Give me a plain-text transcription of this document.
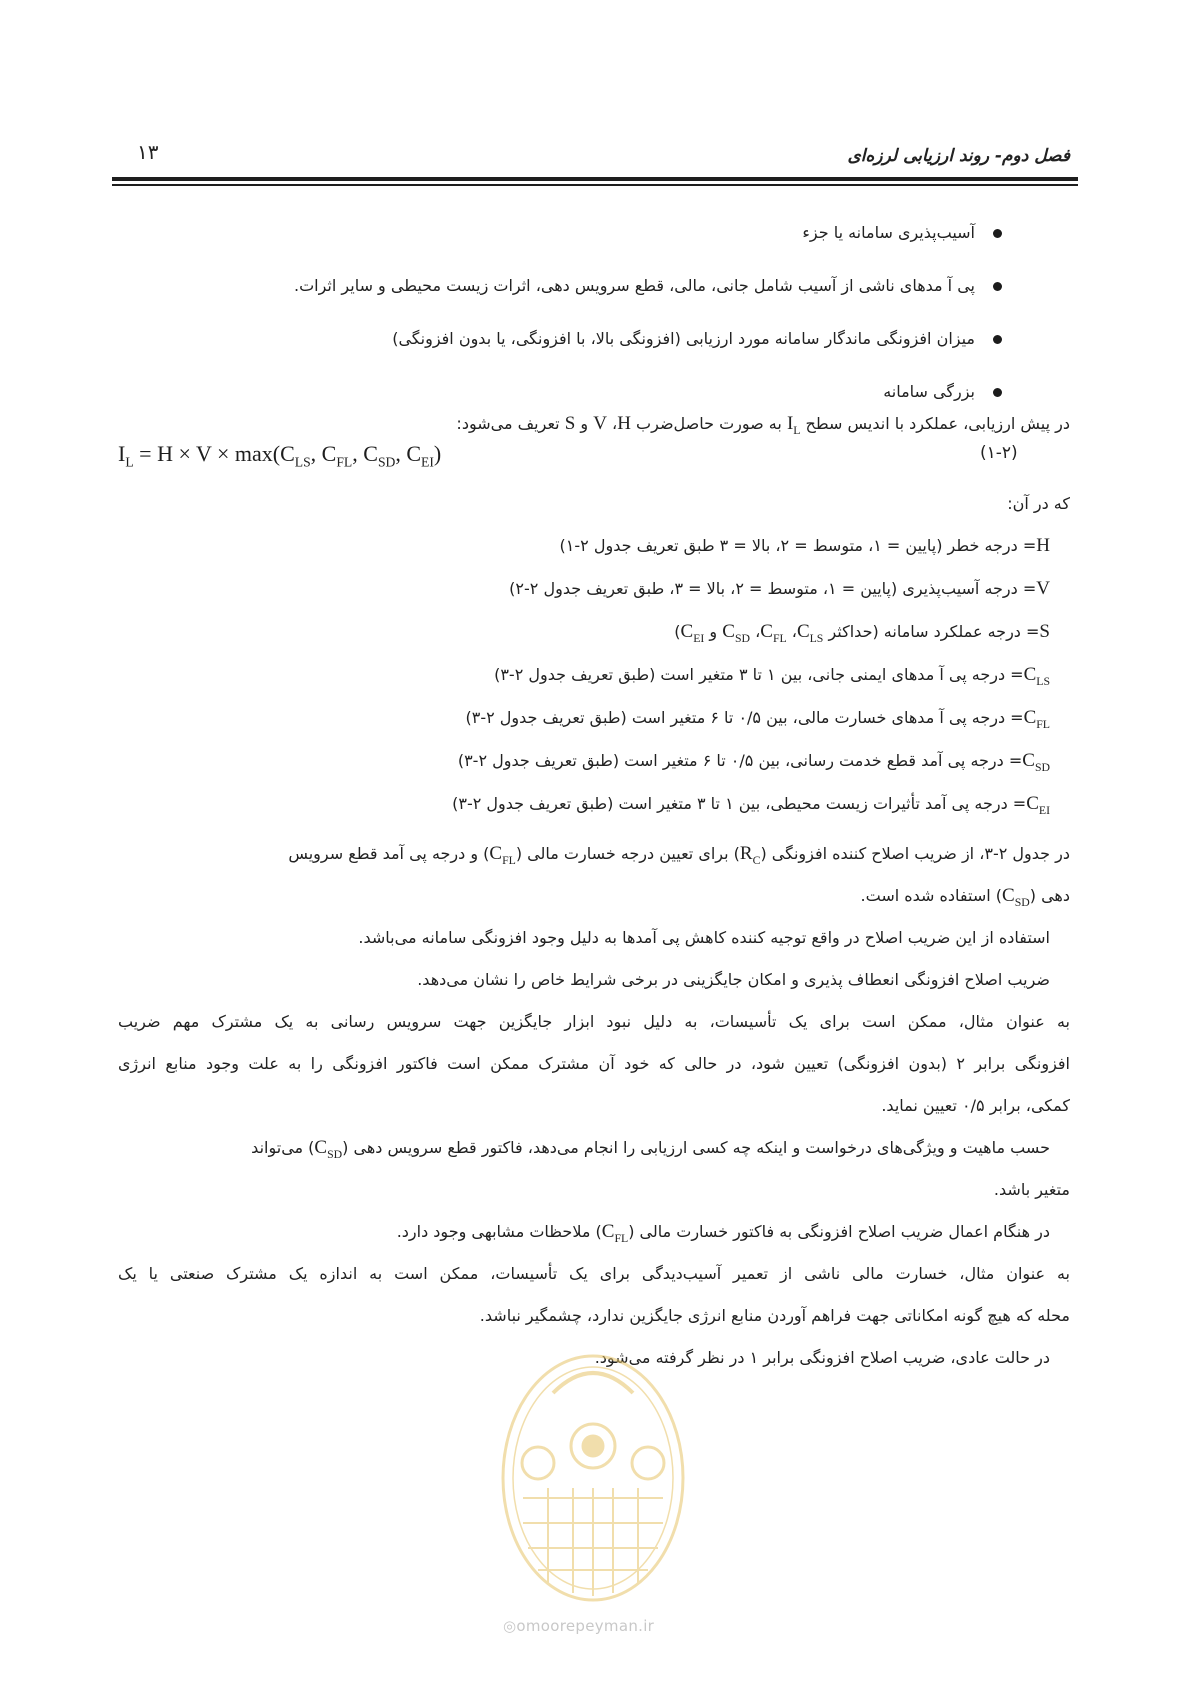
فصل دوم- روند ارزیابی لرزه‌ای
۱۳
آسیب‌پذیری سامانه یا جزء
پی آ مدهای ناشی از آسیب شامل جانی، مالی، قطع سرویس دهی، اثرات زیست محیطی و سایر اثرات.
میزان افزونگی ماندگار سامانه مورد ارزیابی (افزونگی بالا، با افزونگی، یا بدون افزونگی)
بزرگی سامانه
در پیش ارزیابی، عملکرد با اندیس سطح $I_L$ به صورت حاصل‌ضرب H، V و S تعریف می‌شود:
$I_L = H \times V \times \max(C_{LS}$, $C_{FL}$, $C_{SD}$, $C_{EI}$)	(۱-۲)
که در آن:
H= درجه خطر (پایین = ۱، متوسط = ۲، بالا = ۳ طبق تعریف جدول ۲-۱)
V= درجه آسیب‌پذیری (پایین = ۱، متوسط = ۲، بالا = ۳، طبق تعریف جدول ۲-۲)
S= درجه عملکرد سامانه (حداکثر $C_{LS}،$ $C_{FL}،$ $C_{SD}$ و $C_{EI}$)
$C_{LS}=$ درجه پی آ مدهای ایمنی جانی، بین ۱ تا ۳ متغیر است (طبق تعریف جدول ۲-۳)
$C_{FL}=$ درجه پی آ مدهای خسارت مالی، بین ۰/۵ تا ۶ متغیر است (طبق تعریف جدول ۲-۳)
$C_{SD}=$ درجه پی آمد قطع خدمت رسانی، بین ۰/۵ تا ۶ متغیر است (طبق تعریف جدول ۲-۳)
$C_{EI}=$ درجه پی آمد تأثیرات زیست محیطی، بین ۱ تا ۳ متغیر است (طبق تعریف جدول ۲-۳)
در جدول ۲-۳، از ضریب اصلاح کننده افزونگی $(R_C)$ برای تعیین درجه خسارت مالی $(C_{FL})$ و درجه پی آمد قطع سرویس
دهی $(C_{SD})$ استفاده شده است.
استفاده از این ضریب اصلاح در واقع توجیه کننده کاهش پی آمدها به دلیل وجود افزونگی سامانه می‌باشد.
ضریب اصلاح افزونگی انعطاف پذیری و امکان جایگزینی در برخی شرایط خاص را نشان می‌دهد.
به عنوان مثال، ممکن است برای یک تأسیسات، به دلیل نبود ابزار جایگزین جهت سرویس رسانی به یک مشترک مهم ضریب
افزونگی برابر ۲ (بدون افزونگی) تعیین شود، در حالی که خود آن مشترک ممکن است فاکتور افزونگی را به علت وجود منابع انرژی
کمکی، برابر ۰/۵ تعیین نماید.
حسب ماهیت و ویژگی‌های درخواست و اینکه چه کسی ارزیابی را انجام می‌دهد، فاکتور قطع سرویس دهی $(C_{SD})$ می‌تواند
متغیر باشد.
در هنگام اعمال ضریب اصلاح افزونگی به فاکتور خسارت مالی $(C_{FL})$ ملاحظات مشابهی وجود دارد.
به عنوان مثال، خسارت مالی ناشی از تعمیر آسیب‌دیدگی برای یک تأسیسات، ممکن است به اندازه یک مشترک صنعتی یا یک
محله که هیچ گونه امکاناتی جهت فراهم آوردن منابع انرژی جایگزین ندارد، چشمگیر نباشد.
در حالت عادی، ضریب اصلاح افزونگی برابر ۱ در نظر گرفته می‌شود.
◎omoorepeyman.ir
